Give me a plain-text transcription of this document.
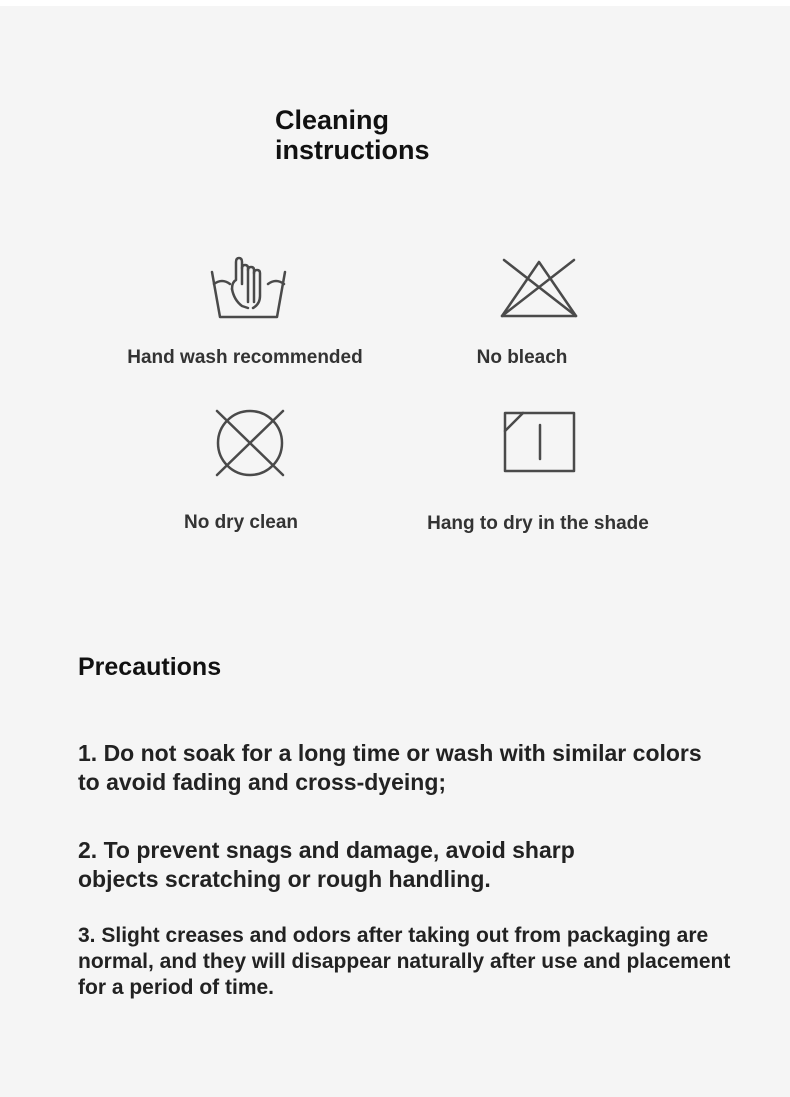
Cleaning
instructions
Hand wash recommended	No bleach
No dry clean	Hang to dry in the shade
Precautions

1. Do not soak for a long time or wash with similar colors to avoid fading and cross-dyeing;

2. To prevent snags and damage, avoid sharp objects scratching or rough handling.

3. Slight creases and odors after taking out from packaging are normal, and they will disappear naturally after use and placement for a period of time.
